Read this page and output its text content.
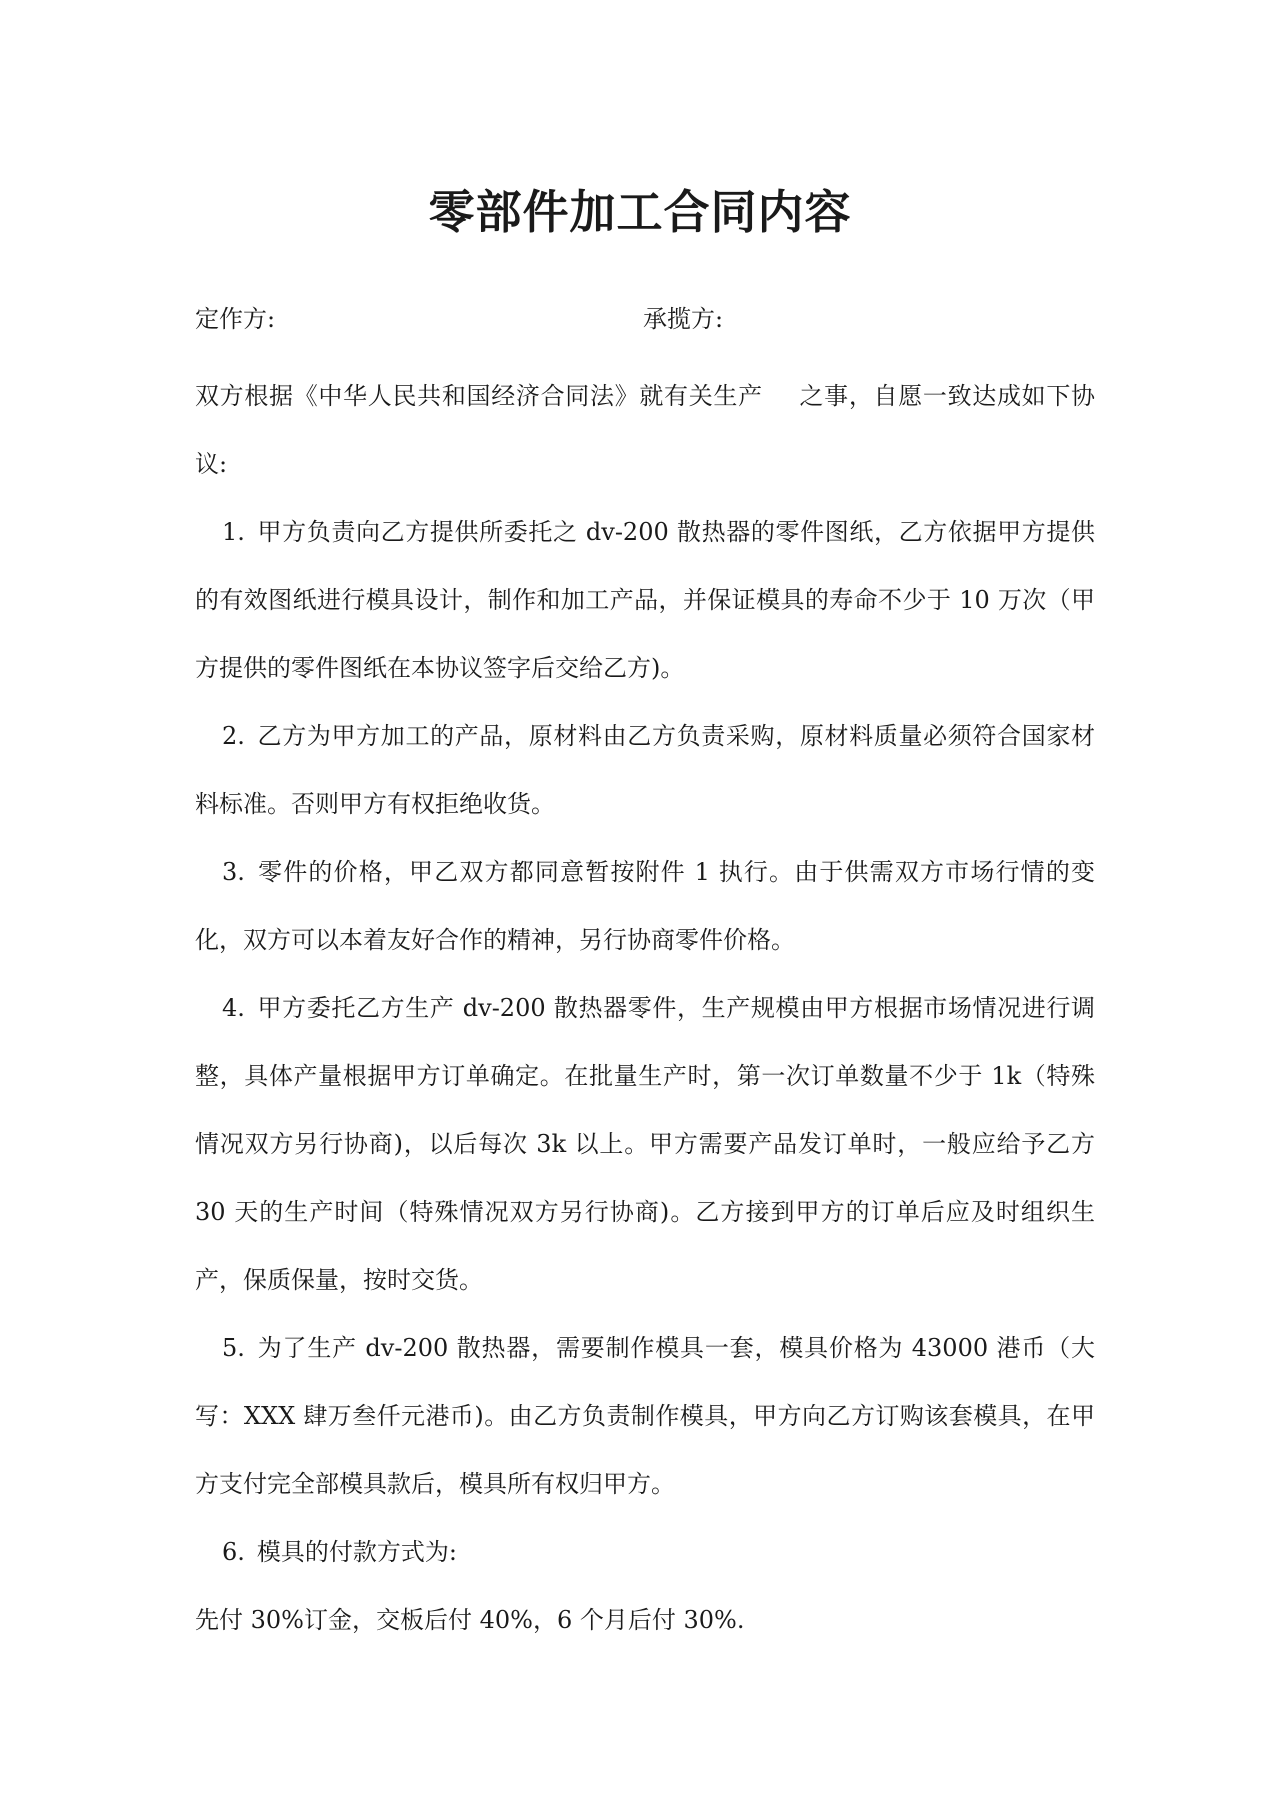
零部件加工合同内容
定作方:	承揽方:

双方根据《中华人民共和国经济合同法》就有关生产 之事，自愿一致达成如下协议:

1. 甲方负责向乙方提供所委托之 dv-200 散热器的零件图纸，乙方依据甲方提供的有效图纸进行模具设计，制作和加工产品，并保证模具的寿命不少于 10 万次（甲方提供的零件图纸在本协议签字后交给乙方)。

2. 乙方为甲方加工的产品，原材料由乙方负责采购，原材料质量必须符合国家材料标准。否则甲方有权拒绝收货。

3. 零件的价格，甲乙双方都同意暂按附件 1 执行。由于供需双方市场行情的变化，双方可以本着友好合作的精神，另行协商零件价格。

4. 甲方委托乙方生产 dv-200 散热器零件，生产规模由甲方根据市场情况进行调整，具体产量根据甲方订单确定。在批量生产时，第一次订单数量不少于 1k（特殊情况双方另行协商)，以后每次 3k 以上。甲方需要产品发订单时，一般应给予乙方 30 天的生产时间（特殊情况双方另行协商)。乙方接到甲方的订单后应及时组织生产，保质保量，按时交货。

5. 为了生产 dv-200 散热器，需要制作模具一套，模具价格为 43000 港币（大写：XXX 肆万叁仟元港币)。由乙方负责制作模具，甲方向乙方订购该套模具，在甲方支付完全部模具款后，模具所有权归甲方。

6. 模具的付款方式为:

先付 30%订金，交板后付 40%，6 个月后付 30%.
